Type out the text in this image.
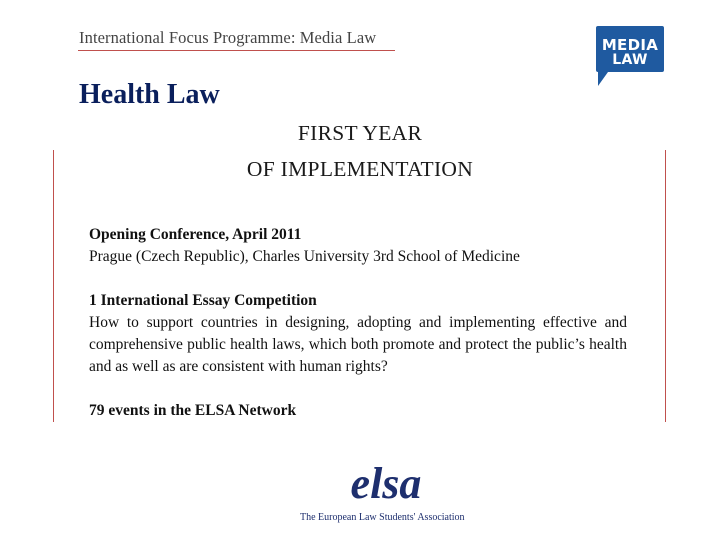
International Focus Programme: Media Law	MEDIA
LAW
Health Law
FIRST YEAR
OF IMPLEMENTATION

Opening Conference, April 2011

Prague (Czech Republic), Charles University 3rd School of Medicine

1 International Essay Competition

How to support countries in designing, adopting and implementing effective and comprehensive public health laws, which both promote and protect the public’s health and as well as are consistent with human rights?

79 events in the ELSA Network

elsa
The European Law Students' Association
